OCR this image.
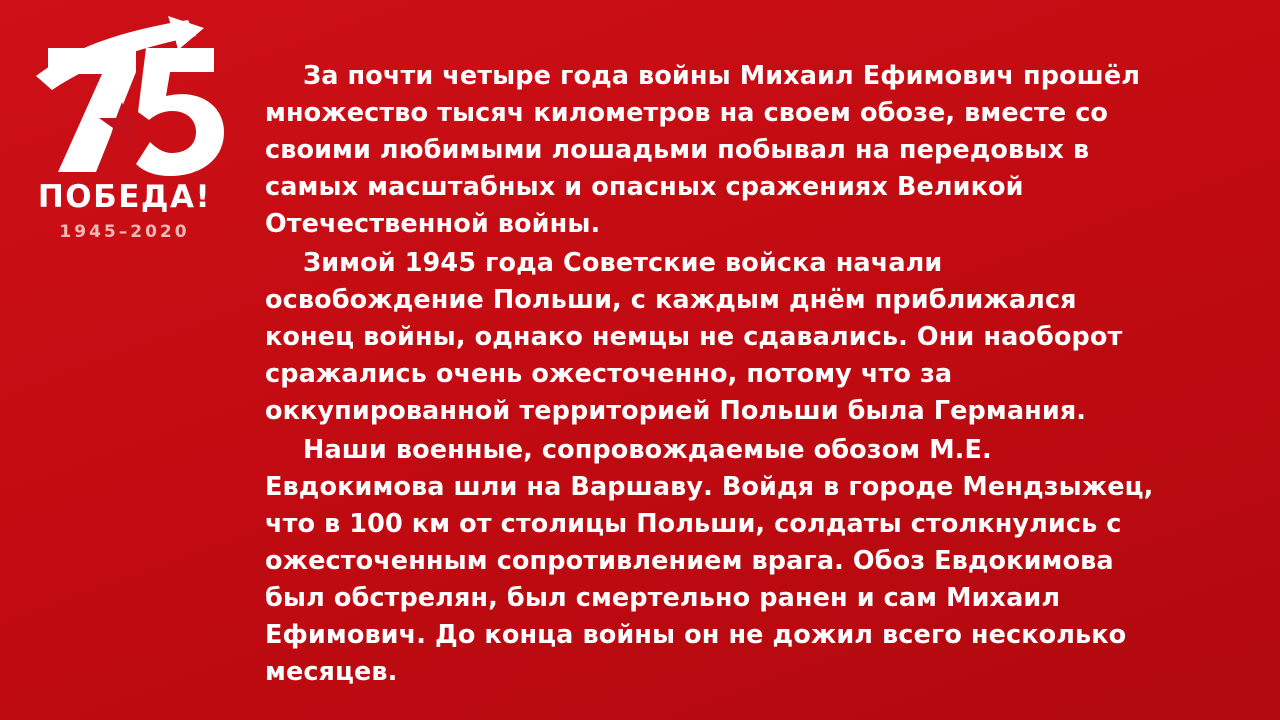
ПОБЕДА!
1945–2020

За почти четыре года войны Михаил Ефимович прошёл множество тысяч километров на своем обозе, вместе со своими любимыми лошадьми побывал на передовых в самых масштабных и опасных сражениях Великой Отечественной войны.

Зимой 1945 года Советские войска начали освобождение Польши, с каждым днём приближался конец войны, однако немцы не сдавались. Они наоборот сражались очень ожесточенно, потому что за оккупированной территорией Польши была Германия.

Наши военные, сопровождаемые обозом М.Е. Евдокимова шли на Варшаву. Войдя в городе Мендзыжец, что в 100 км от столицы Польши, солдаты столкнулись с ожесточенным сопротивлением врага. Обоз Евдокимова был обстрелян, был смертельно ранен и сам Михаил Ефимович. До конца войны он не дожил всего несколько месяцев.
